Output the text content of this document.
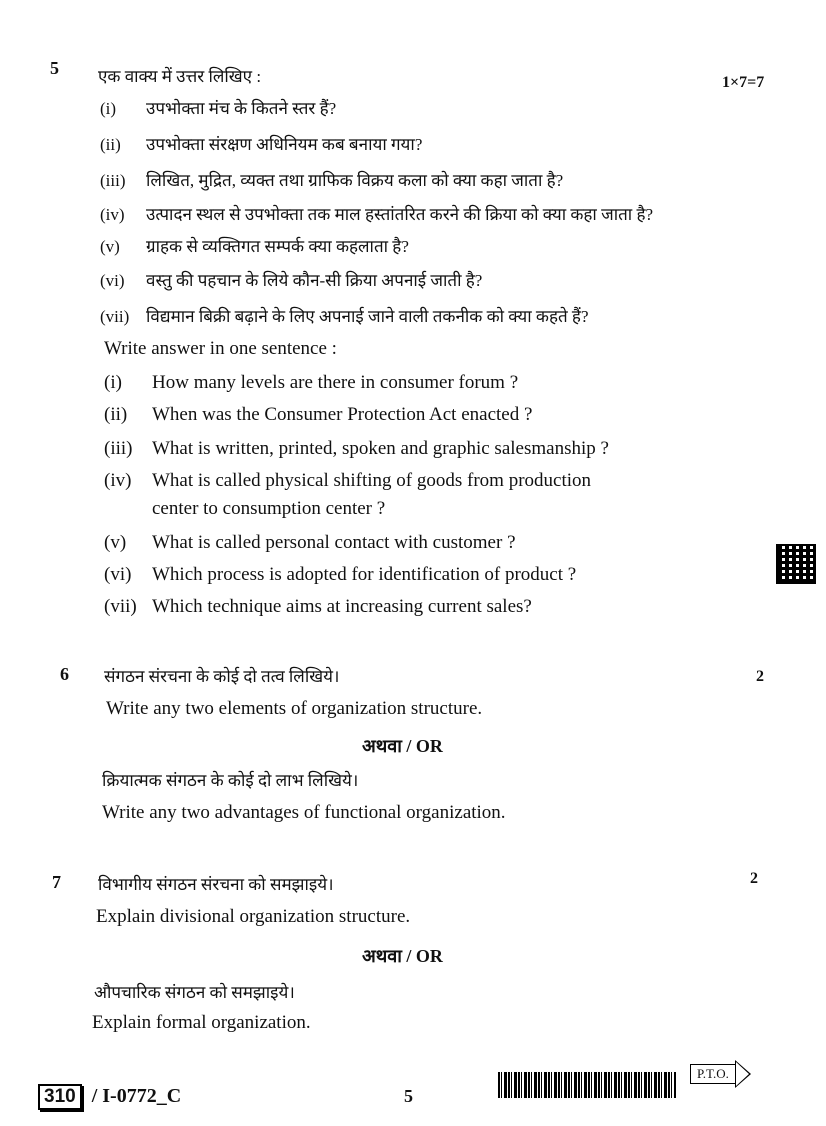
5 एक वाक्य में उत्तर लिखिए :	1×7=7
(i) उपभोक्ता मंच के कितने स्तर हैं?
(ii) उपभोक्ता संरक्षण अधिनियम कब बनाया गया?
(iii) लिखित, मुद्रित, व्यक्त तथा ग्राफिक विक्रय कला को क्या कहा जाता है?
(iv) उत्पादन स्थल से उपभोक्ता तक माल हस्तांतरित करने की क्रिया को क्या कहा जाता है?
(v) ग्राहक से व्यक्तिगत सम्पर्क क्या कहलाता है?
(vi) वस्तु की पहचान के लिये कौन-सी क्रिया अपनाई जाती है?
(vii) विद्यमान बिक्री बढ़ाने के लिए अपनाई जाने वाली तकनीक को क्या कहते हैं?
Write answer in one sentence :
(i) How many levels are there in consumer forum ?
(ii) When was the Consumer Protection Act enacted ?
(iii) What is written, printed, spoken and graphic salesmanship ?
(iv) What is called physical shifting of goods from production
center to consumption center ?
(v) What is called personal contact with customer ?
(vi) Which process is adopted for identification of product ?
(vii) Which technique aims at increasing current sales?
6 संगठन संरचना के कोई दो तत्व लिखिये।	2
Write any two elements of organization structure.
अथवा / OR
क्रियात्मक संगठन के कोई दो लाभ लिखिये।
Write any two advantages of functional organization.
7 विभागीय संगठन संरचना को समझाइये।	2
Explain divisional organization structure.
अथवा / OR
औपचारिक संगठन को समझाइये।
Explain formal organization.
310 / I-0772_C	5
P.T.O.
